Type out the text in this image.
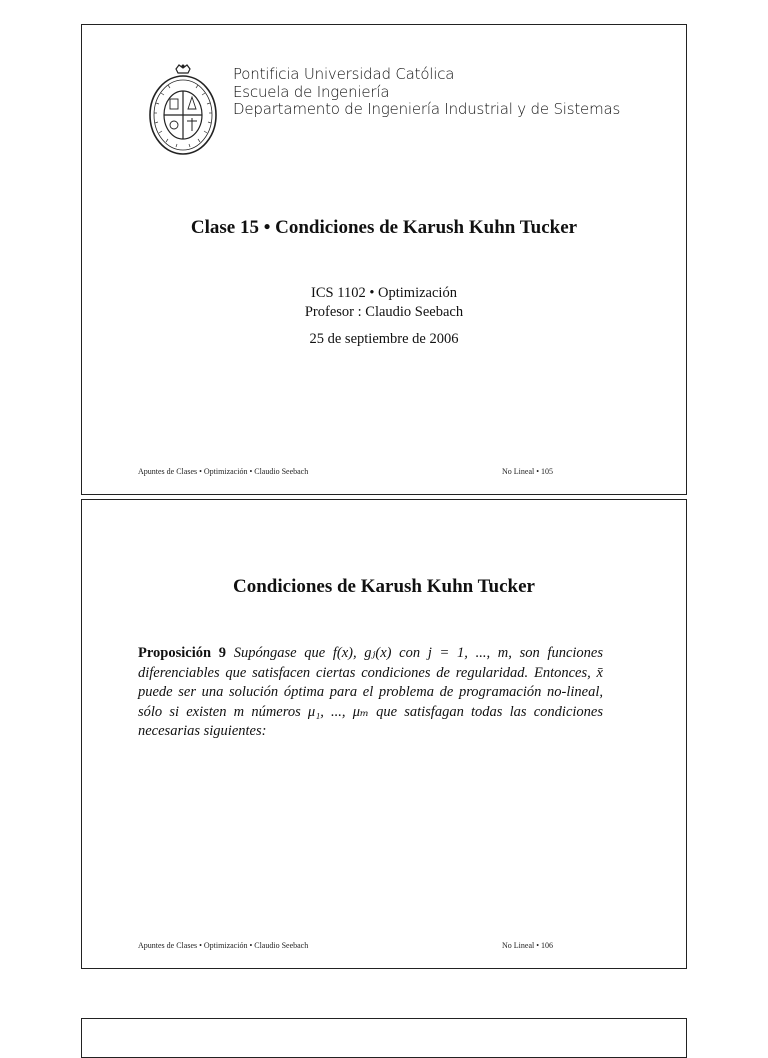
Pontificia Universidad Católica
Escuela de Ingeniería
Departamento de Ingeniería Industrial y de Sistemas
Clase 15 • Condiciones de Karush Kuhn Tucker
ICS 1102 • Optimización
Profesor : Claudio Seebach
25 de septiembre de 2006
Apuntes de Clases • Optimización • Claudio Seebach	No Lineal • 105
Condiciones de Karush Kuhn Tucker
Proposición 9 Supóngase que f(x), gⱼ(x) con j = 1, ..., m, son funciones diferenciables que satisfacen ciertas condiciones de regularidad. Entonces, x̄ puede ser una solución óptima para el problema de programación no-lineal, sólo si existen m números μ₁, ..., μₘ que satisfagan todas las condiciones necesarias siguientes:
Apuntes de Clases • Optimización • Claudio Seebach	No Lineal • 106
